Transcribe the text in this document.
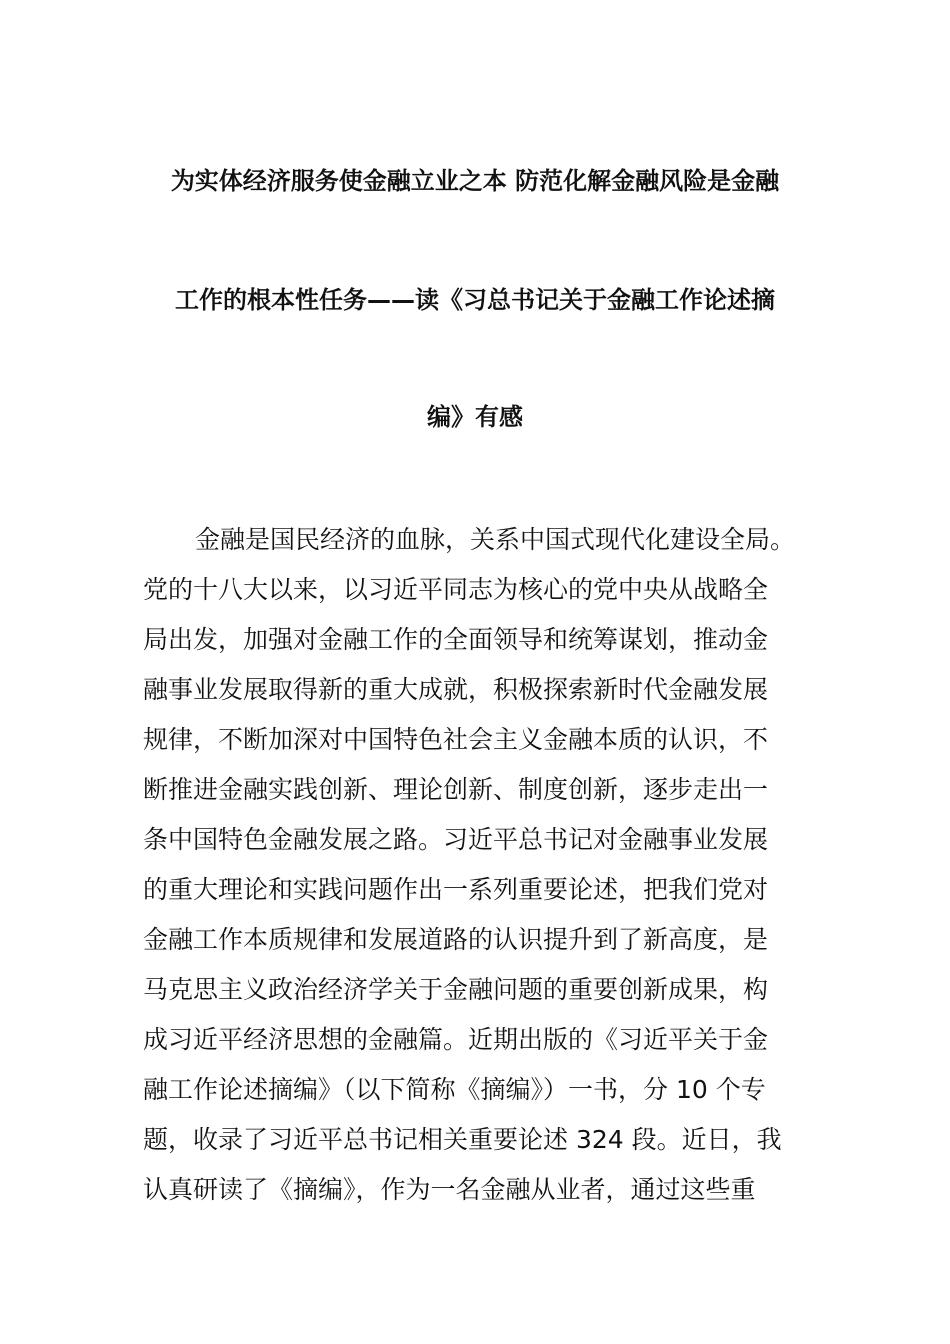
为实体经济服务使金融立业之本 防范化解金融风险是金融
工作的根本性任务——读《习总书记关于金融工作论述摘
编》有感
金融是国民经济的血脉，关系中国式现代化建设全局。
党的十八大以来，以习近平同志为核心的党中央从战略全
局出发，加强对金融工作的全面领导和统筹谋划，推动金
融事业发展取得新的重大成就，积极探索新时代金融发展
规律，不断加深对中国特色社会主义金融本质的认识，不
断推进金融实践创新、理论创新、制度创新，逐步走出一
条中国特色金融发展之路。习近平总书记对金融事业发展
的重大理论和实践问题作出一系列重要论述，把我们党对
金融工作本质规律和发展道路的认识提升到了新高度，是
马克思主义政治经济学关于金融问题的重要创新成果，构
成习近平经济思想的金融篇。近期出版的《习近平关于金
融工作论述摘编》（以下简称《摘编》）一书，分 10 个专
题，收录了习近平总书记相关重要论述 324 段。近日，我
认真研读了《摘编》，作为一名金融从业者，通过这些重
